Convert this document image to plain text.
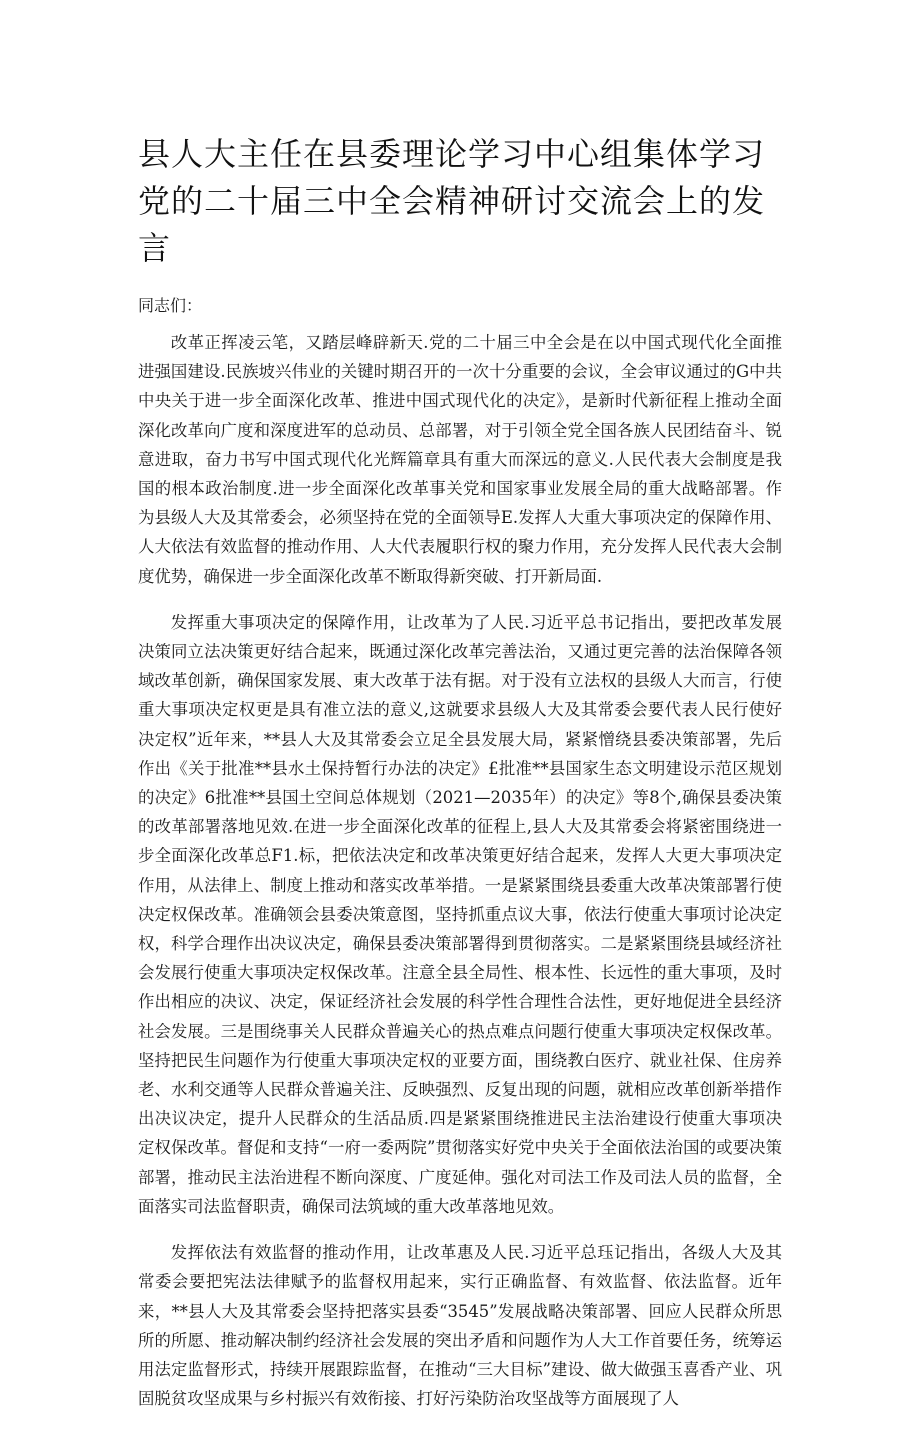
县人大主任在县委理论学习中心组集体学习党的二十届三中全会精神研讨交流会上的发言
同志们：

改革正挥凌云笔，又踏层峰辟新天.党的二十届三中全会是在以中国式现代化全面推进强国建设.民族坡兴伟业的关键时期召开的一次十分重要的会议，全会审议通过的G中共中央关于进一步全面深化改革、推进中国式现代化的决定》，是新时代新征程上推动全面深化改革向广度和深度进军的总动员、总部署，对于引领全党全国各族人民团结奋斗、锐意进取，奋力书写中国式现代化光辉篇章具有重大而深远的意义.人民代表大会制度是我国的根本政治制度.进一步全面深化改革事关党和国家事业发展全局的重大战略部署。作为县级人大及其常委会，必须坚持在党的全面领导E.发挥人大重大事项决定的保障作用、人大依法有效监督的推动作用、人大代表履职行权的聚力作用，充分发挥人民代表大会制度优势，确保进一步全面深化改革不断取得新突破、打开新局面.

发挥重大事项决定的保障作用，让改革为了人民.习近平总书记指出，要把改革发展决策同立法决策更好结合起来，既通过深化改革完善法治，又通过更完善的法治保障各领域改革创新，确保国家发展、東大改革于法有据。对于没有立法权的县级人大而言，行使重大事项决定权更是具有准立法的意义,这就要求县级人大及其常委会要代表人民行使好决定权”近年来，**县人大及其常委会立足全县发展大局，紧紧憎绕县委决策部署，先后作出《关于批准**县水土保持暂行办法的决定》£批准**县国家生态文明建设示范区规划的决定》6批准**县国土空间总体规划（2021—2035年）的决定》等8个,确保县委决策的改革部署落地见效.在进一步全面深化改革的征程上,县人大及其常委会将紧密围绕进一步全面深化改革总F1.标，把依法决定和改革决策更好结合起来，发挥人大更大事项决定作用，从法律上、制度上推动和落实改革举措。一是紧紧围绕县委重大改革决策部署行使决定权保改革。准确领会县委决策意图，坚持抓重点议大事，依法行使重大事项讨论决定权，科学合理作出决议决定，确保县委决策部署得到贯彻落实。二是紧紧围绕县域经济社会发展行使重大事项决定权保改革。注意全县全局性、根本性、长远性的重大事项，及时作出相应的决议、决定，保证经济社会发展的科学性合理性合法性，更好地促进全县经济社会发展。三是围绕事关人民群众普遍关心的热点难点问题行使重大事项决定权保改革。坚持把民生问题作为行使重大事项决定权的亚要方面，围绕教白医疗、就业社保、住房养老、水利交通等人民群众普遍关注、反映强烈、反复出现的问题，就相应改革创新举措作出决议决定，提升人民群众的生活品质.四是紧紧围绕推进民主法治建设行使重大事项决定权保改革。督促和支持“一府一委两院”贯彻落实好党中央关于全面依法治国的或要决策部署，推动民主法治进程不断向深度、广度延伸。强化对司法工作及司法人员的监督，全面落实司法监督职责，确保司法筑域的重大改革落地见效。

发挥依法有效监督的推动作用，让改革惠及人民.习近平总珏记指出，各级人大及其常委会要把宪法法律赋予的监督权用起来，实行正确监督、有效监督、依法监督。近年来，**县人大及其常委会坚持把落实县委“3545”发展战略决策部署、回应人民群众所思所的所愿、推动解决制约经济社会发展的突出矛盾和问题作为人大工作首要任务，统筹运用法定监督形式，持续开展跟踪监督，在推动“三大目标”建设、做大做强玉喜香产业、巩固脱贫攻坚成果与乡村振兴有效衔接、打好污染防治攻坚战等方面展现了人
